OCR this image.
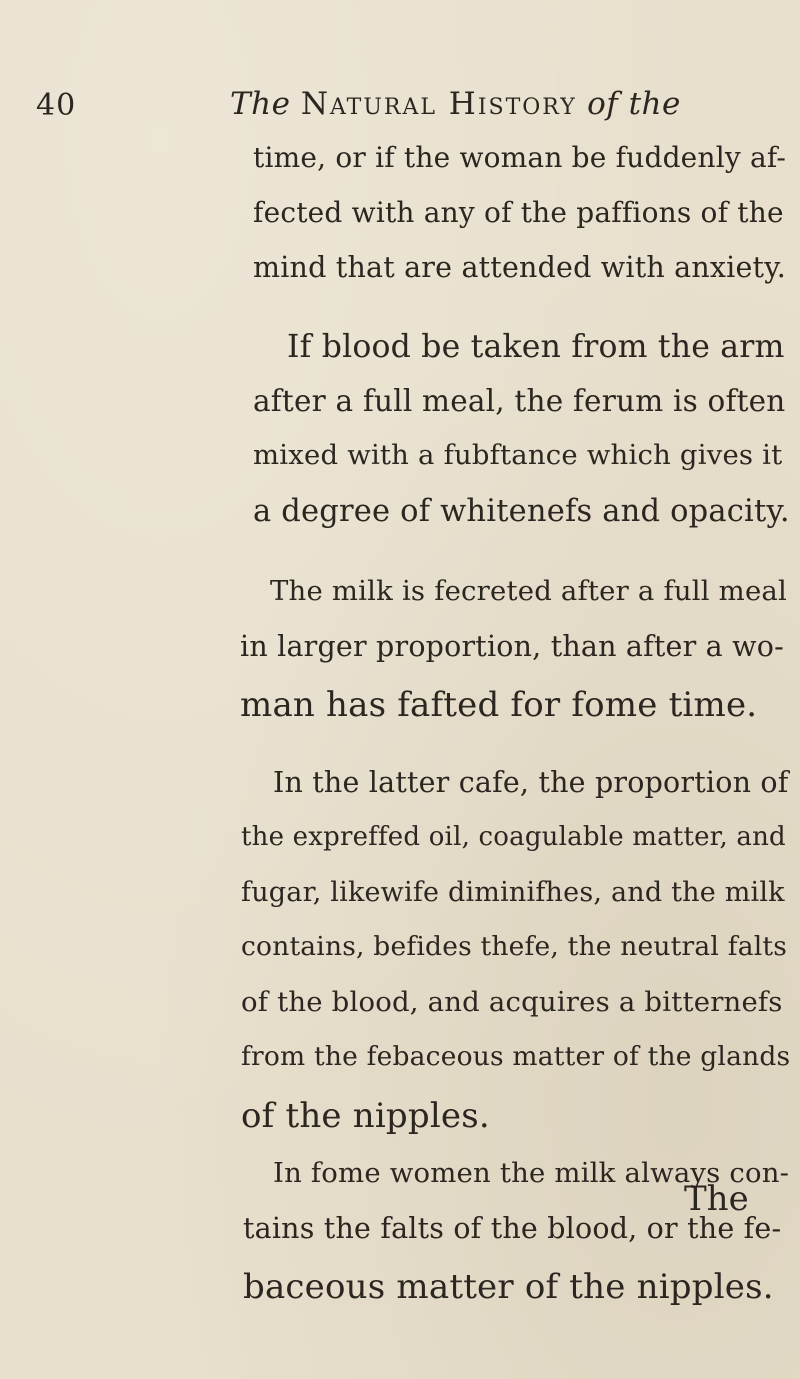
40	The Natural History of the
time, or if the woman be fuddenly af-
fected with any of the paffions of the
mind that are attended with anxiety.
If blood be taken from the arm
after a full meal, the ferum is often
mixed with a fubftance which gives it
a degree of whitenefs and opacity.
The milk is fecreted after a full meal
in larger proportion, than after a wo-
man has fafted for fome time.
In the latter cafe, the proportion of
the expreffed oil, coagulable matter, and
fugar, likewife diminifhes, and the milk
contains, befides thefe, the neutral falts
of the blood, and acquires a bitternefs
from the febaceous matter of the glands
of the nipples.
In fome women the milk always con-
tains the falts of the blood, or the fe-
baceous matter of the nipples.
The
